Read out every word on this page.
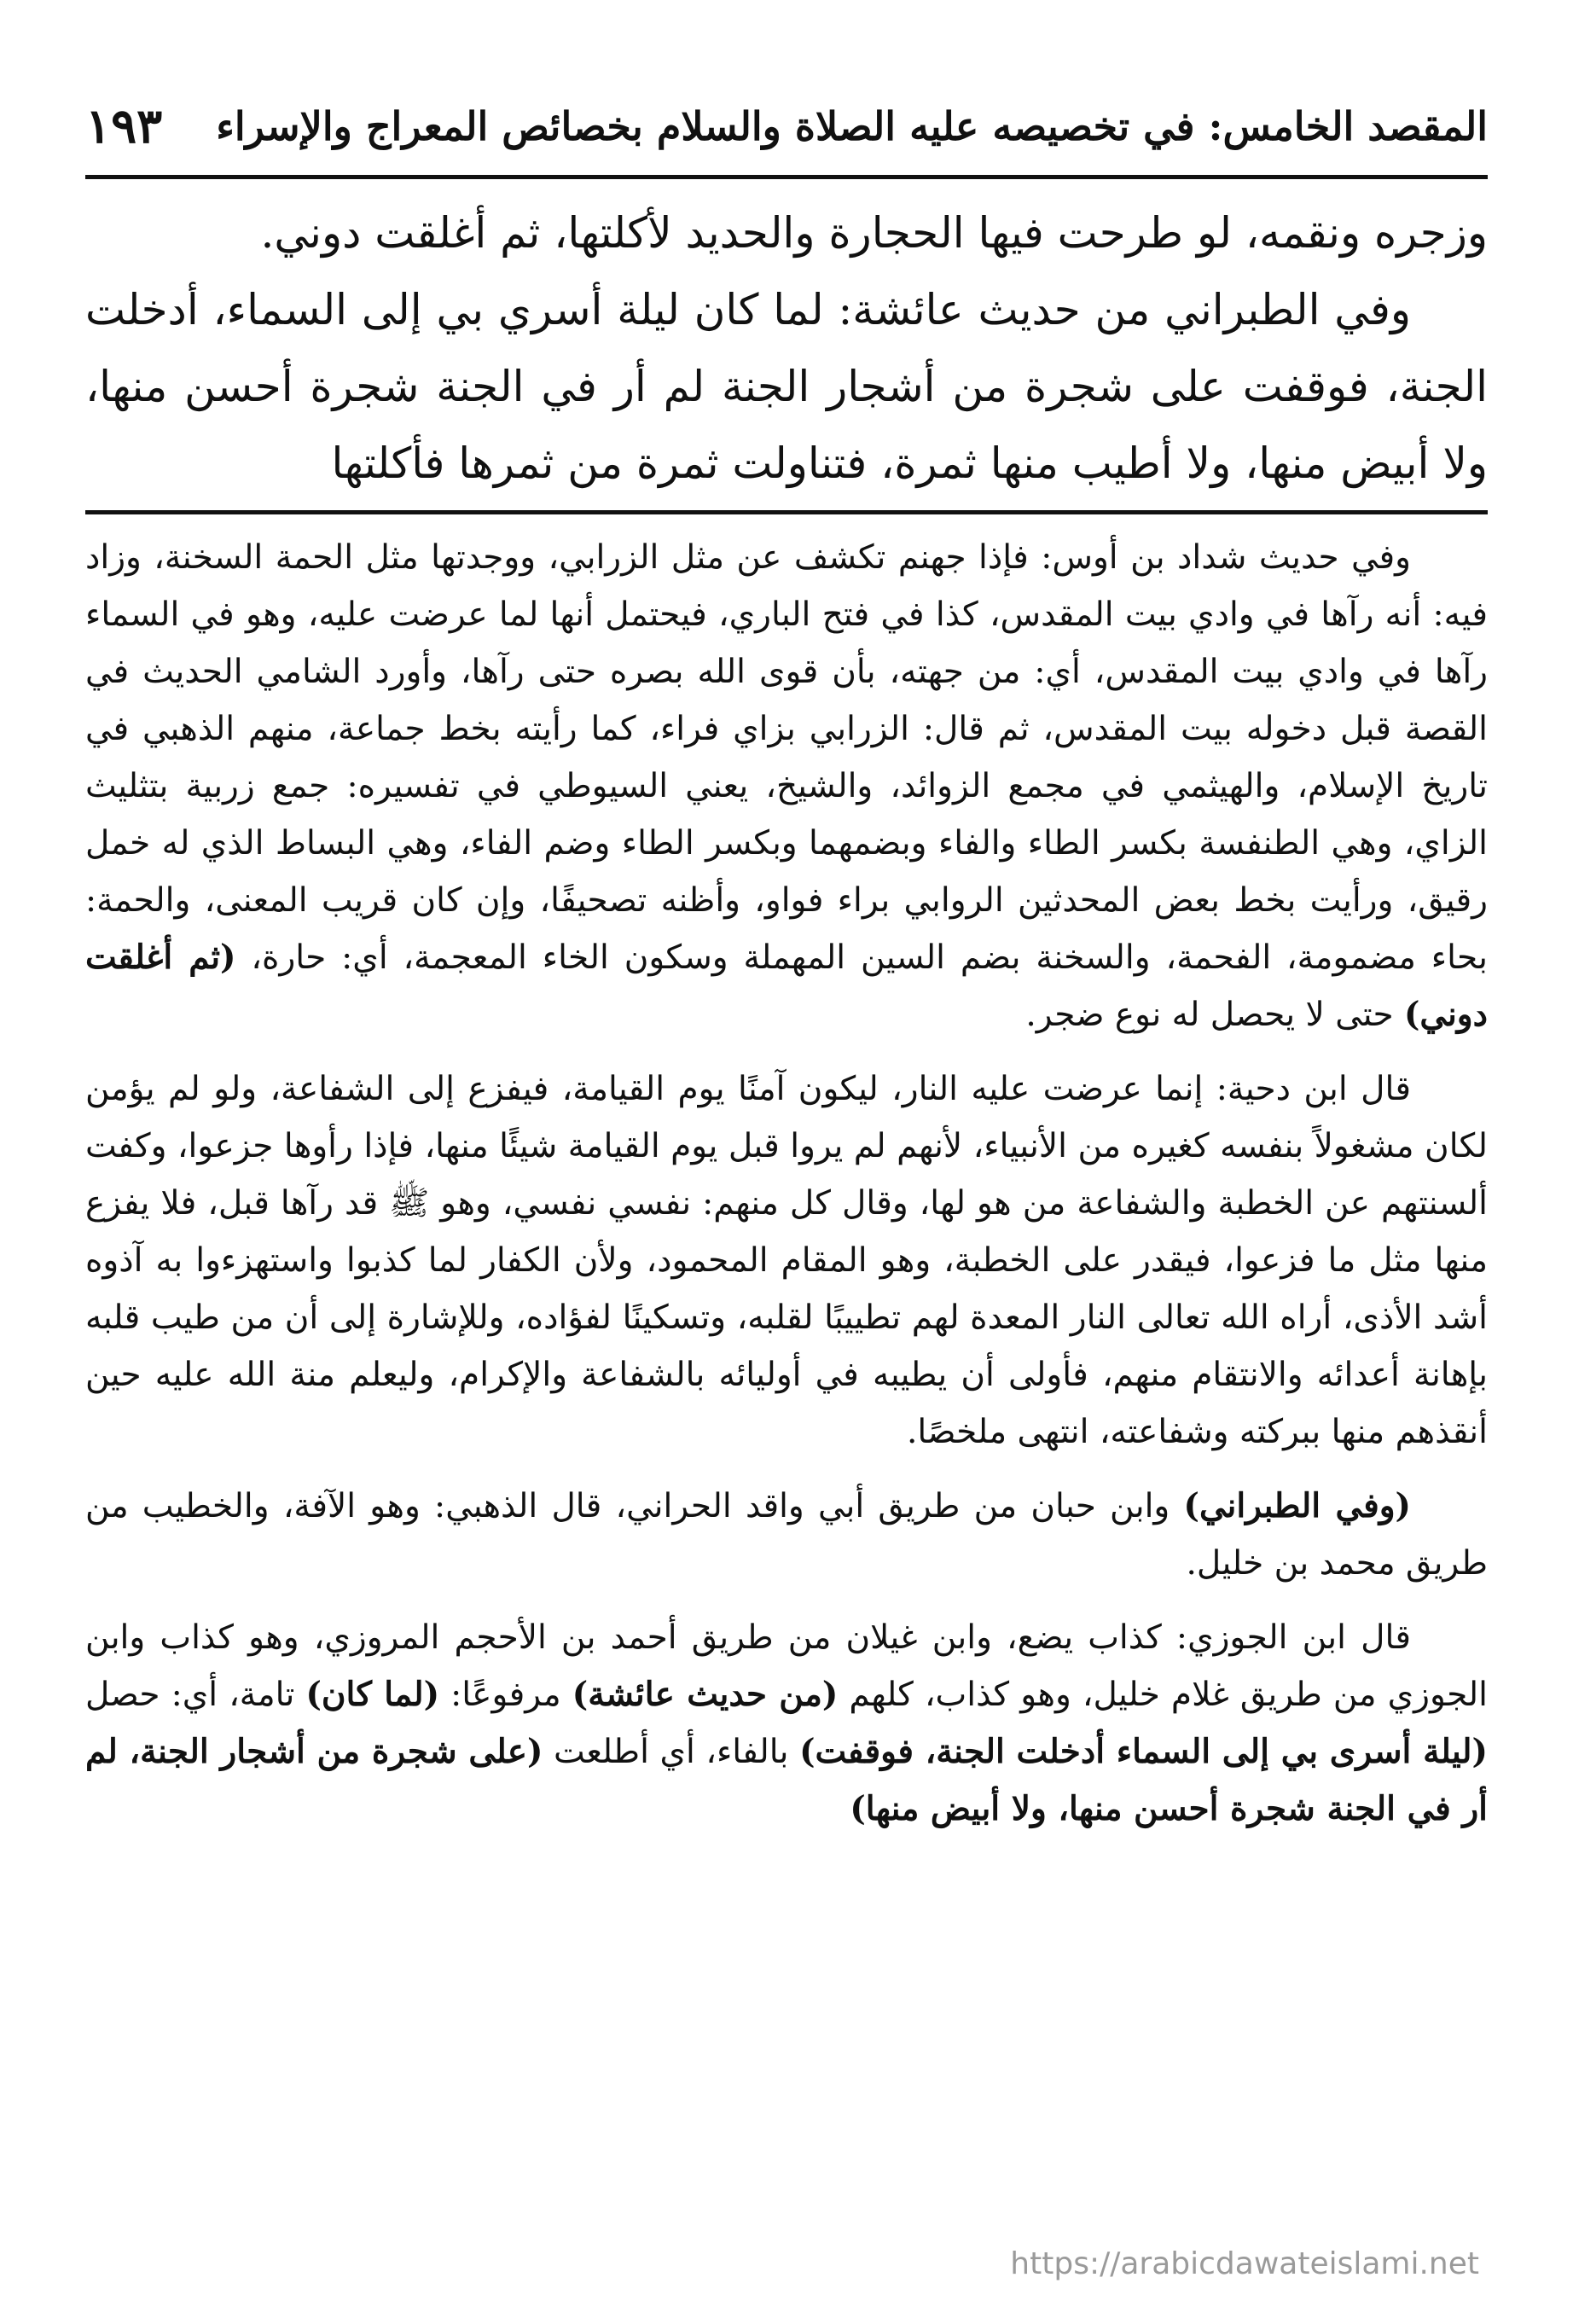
المقصد الخامس: في تخصيصه عليه الصلاة والسلام بخصائص المعراج والإسراء
١٩٣

وزجره ونقمه، لو طرحت فيها الحجارة والحديد لأكلتها، ثم أغلقت دوني.

وفي الطبراني من حديث عائشة: لما كان ليلة أسري بي إلى السماء، أدخلت الجنة، فوقفت على شجرة من أشجار الجنة لم أر في الجنة شجرة أحسن منها، ولا أبيض منها، ولا أطيب منها ثمرة، فتناولت ثمرة من ثمرها فأكلتها

وفي حديث شداد بن أوس: فإذا جهنم تكشف عن مثل الزرابي، ووجدتها مثل الحمة السخنة، وزاد فيه: أنه رآها في وادي بيت المقدس، كذا في فتح الباري، فيحتمل أنها لما عرضت عليه، وهو في السماء رآها في وادي بيت المقدس، أي: من جهته، بأن قوى الله بصره حتى رآها، وأورد الشامي الحديث في القصة قبل دخوله بيت المقدس، ثم قال: الزرابي بزاي فراء، كما رأيته بخط جماعة، منهم الذهبي في تاريخ الإسلام، والهيثمي في مجمع الزوائد، والشيخ، يعني السيوطي في تفسيره: جمع زربية بتثليث الزاي، وهي الطنفسة بكسر الطاء والفاء وبضمهما وبكسر الطاء وضم الفاء، وهي البساط الذي له خمل رقيق، ورأيت بخط بعض المحدثين الروابي براء فواو، وأظنه تصحيفًا، وإن كان قريب المعنى، والحمة: بحاء مضمومة، الفحمة، والسخنة بضم السين المهملة وسكون الخاء المعجمة، أي: حارة، (ثم أغلقت دوني) حتى لا يحصل له نوع ضجر.

قال ابن دحية: إنما عرضت عليه النار، ليكون آمنًا يوم القيامة، فيفزع إلى الشفاعة، ولو لم يؤمن لكان مشغولاً بنفسه كغيره من الأنبياء، لأنهم لم يروا قبل يوم القيامة شيئًا منها، فإذا رأوها جزعوا، وكفت ألسنتهم عن الخطبة والشفاعة من هو لها، وقال كل منهم: نفسي نفسي، وهو ﷺ قد رآها قبل، فلا يفزع منها مثل ما فزعوا، فيقدر على الخطبة، وهو المقام المحمود، ولأن الكفار لما كذبوا واستهزءوا به آذوه أشد الأذى، أراه الله تعالى النار المعدة لهم تطييبًا لقلبه، وتسكينًا لفؤاده، وللإشارة إلى أن من طيب قلبه بإهانة أعدائه والانتقام منهم، فأولى أن يطيبه في أوليائه بالشفاعة والإكرام، وليعلم منة الله عليه حين أنقذهم منها ببركته وشفاعته، انتهى ملخصًا.

(وفي الطبراني) وابن حبان من طريق أبي واقد الحراني، قال الذهبي: وهو الآفة، والخطيب من طريق محمد بن خليل.

قال ابن الجوزي: كذاب يضع، وابن غيلان من طريق أحمد بن الأحجم المروزي، وهو كذاب وابن الجوزي من طريق غلام خليل، وهو كذاب، كلهم (من حديث عائشة) مرفوعًا: (لما كان) تامة، أي: حصل (ليلة أسرى بي إلى السماء أدخلت الجنة، فوقفت) بالفاء، أي أطلعت (على شجرة من أشجار الجنة، لم أر في الجنة شجرة أحسن منها، ولا أبيض منها)

https://arabicdawateislami.net
